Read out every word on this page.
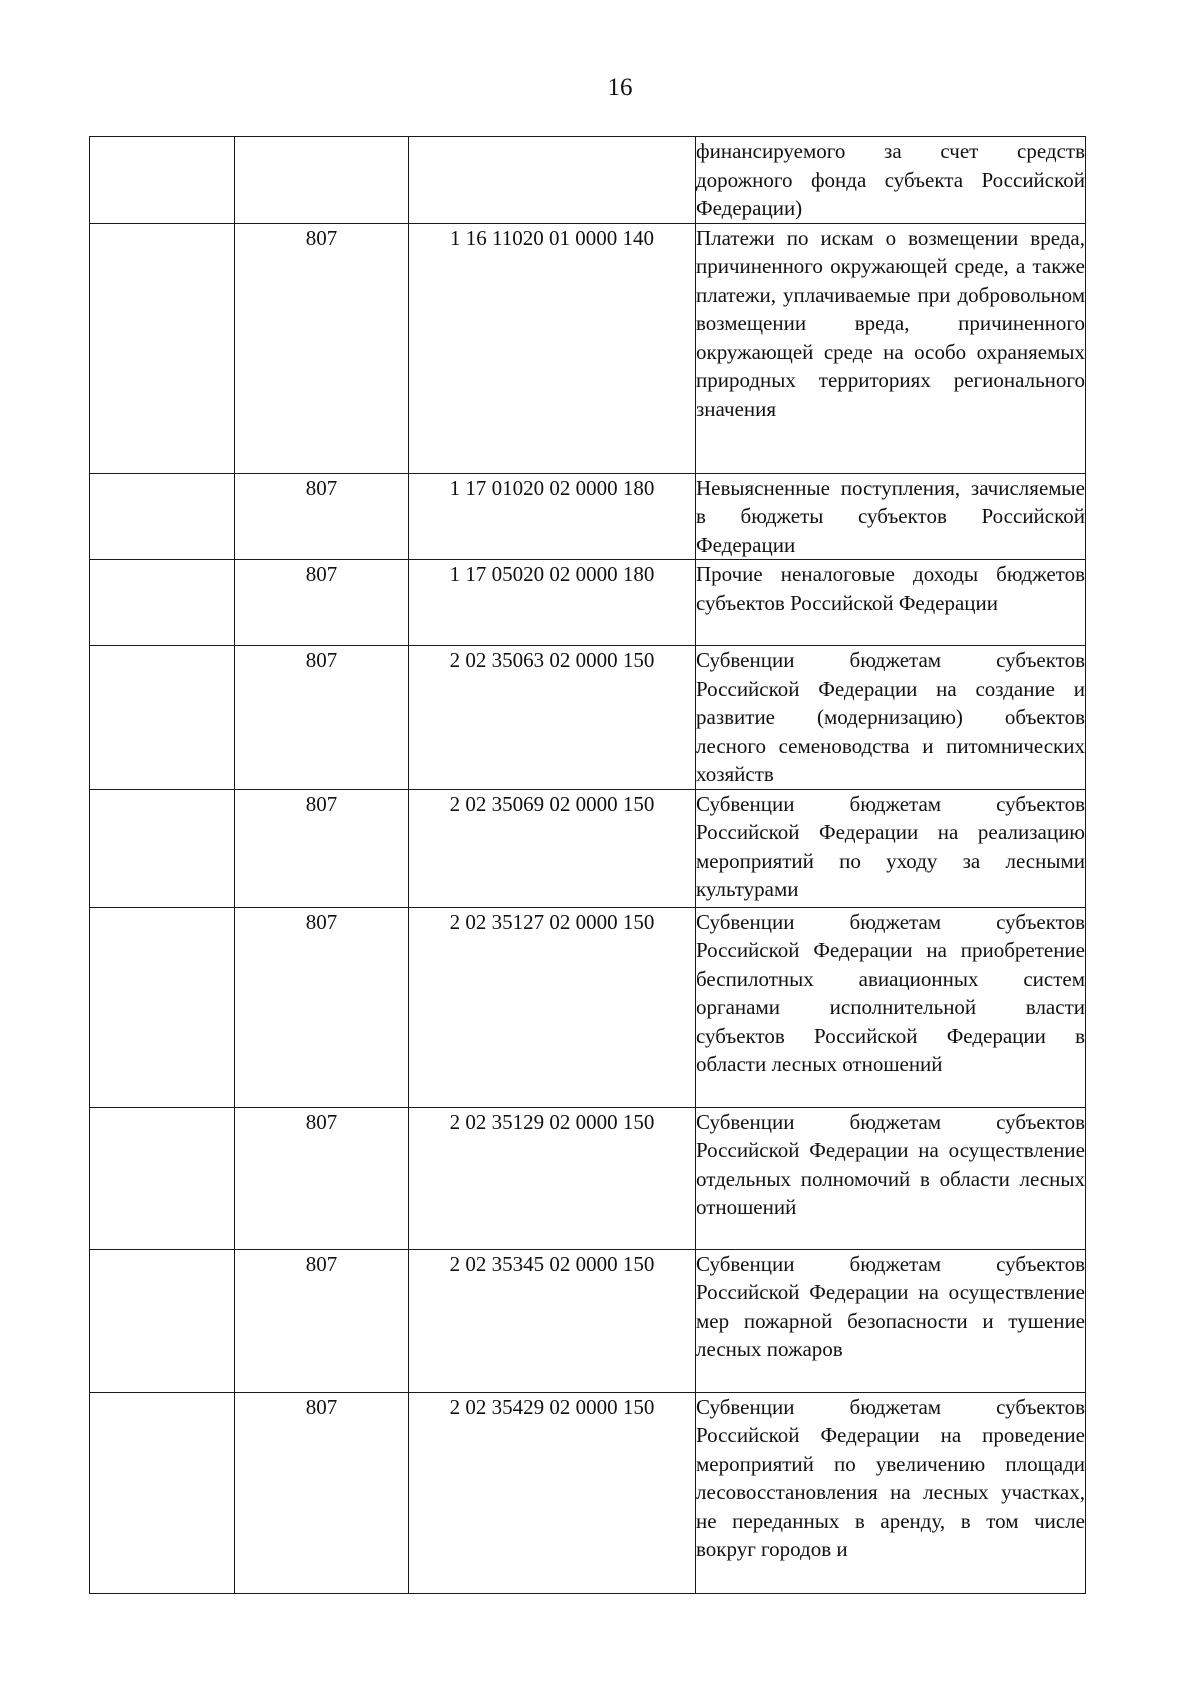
16

			финансируемого за счет средств дорожного фонда субъекта Российской Федерации)

	807	1 16 11020 01 0000 140	Платежи по искам о возмещении вреда, причиненного окружающей среде, а также платежи, уплачиваемые при добровольном возмещении вреда, причиненного окружающей среде на особо охраняемых природных территориях регионального значения

	807	1 17 01020 02 0000 180	Невыясненные поступления, зачисляемые в бюджеты субъектов Российской Федерации

	807	1 17 05020 02 0000 180	Прочие неналоговые доходы бюджетов субъектов Российской Федерации

	807	2 02 35063 02 0000 150	Субвенции бюджетам субъектов Российской Федерации на создание и развитие (модернизацию) объектов лесного семеноводства и питомнических хозяйств

	807	2 02 35069 02 0000 150	Субвенции бюджетам субъектов Российской Федерации на реализацию мероприятий по уходу за лесными культурами

	807	2 02 35127 02 0000 150	Субвенции бюджетам субъектов Российской Федерации на приобретение беспилотных авиационных систем органами исполнительной власти субъектов Российской Федерации в области лесных отношений

	807	2 02 35129 02 0000 150	Субвенции бюджетам субъектов Российской Федерации на осуществление отдельных полномочий в области лесных отношений

	807	2 02 35345 02 0000 150	Субвенции бюджетам субъектов Российской Федерации на осуществление мер пожарной безопасности и тушение лесных пожаров

	807	2 02 35429 02 0000 150	Субвенции бюджетам субъектов Российской Федерации на проведение мероприятий по увеличению площади лесовосстановления на лесных участках, не переданных в аренду, в том числе вокруг городов и
